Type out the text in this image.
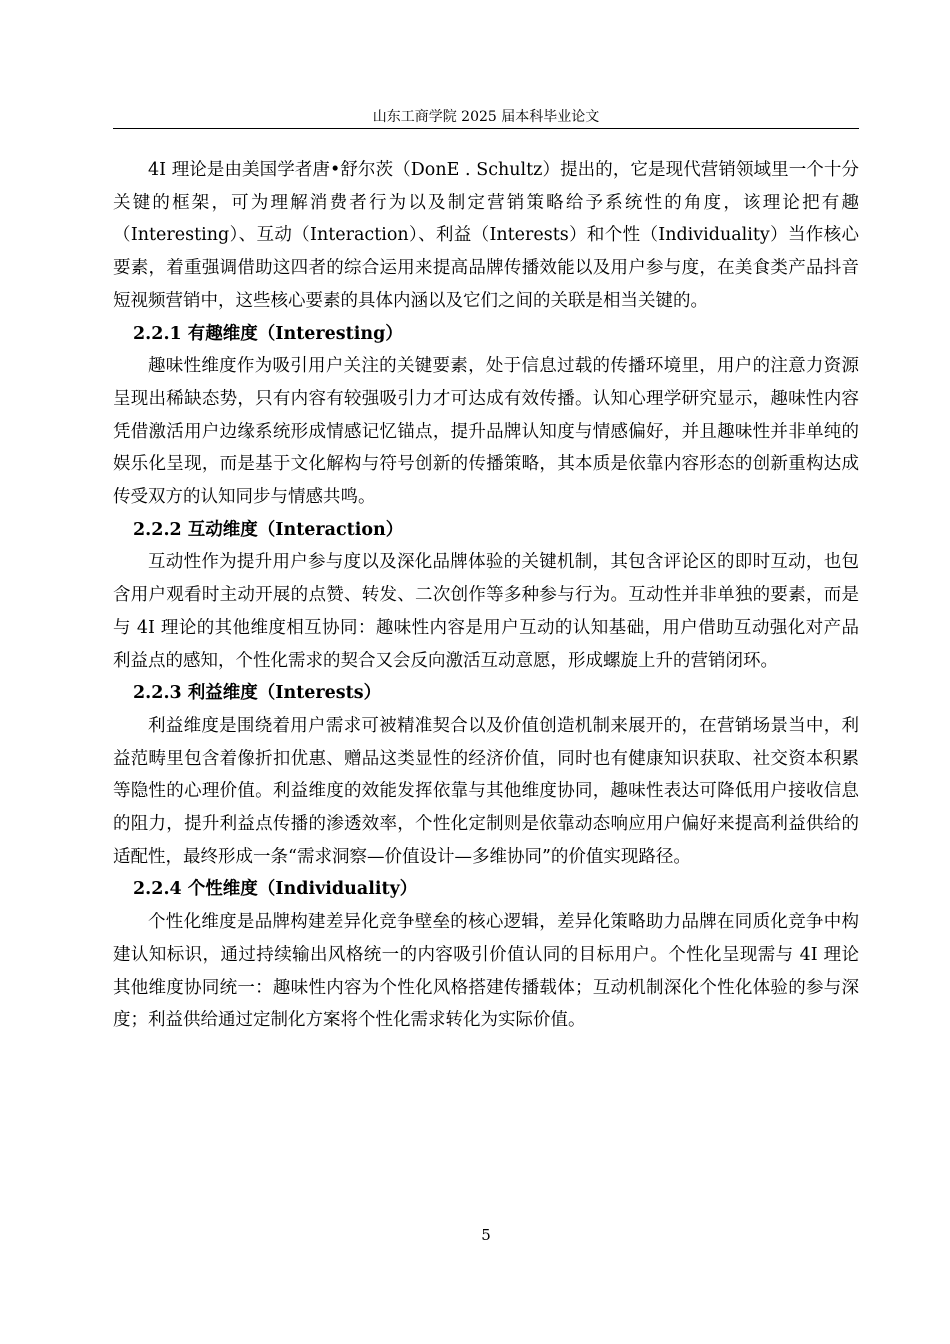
山东工商学院 2025 届本科毕业论文

4I 理论是由美国学者唐•舒尔茨（DonE . Schultz）提出的，它是现代营销领域里一个十分关键的框架，可为理解消费者行为以及制定营销策略给予系统性的角度，该理论把有趣（Interesting）、互动（Interaction）、利益（Interests）和个性（Individuality）当作核心要素，着重强调借助这四者的综合运用来提高品牌传播效能以及用户参与度，在美食类产品抖音短视频营销中，这些核心要素的具体内涵以及它们之间的关联是相当关键的。

2.2.1 有趣维度（Interesting）

趣味性维度作为吸引用户关注的关键要素，处于信息过载的传播环境里，用户的注意力资源呈现出稀缺态势，只有内容有较强吸引力才可达成有效传播。认知心理学研究显示，趣味性内容凭借激活用户边缘系统形成情感记忆锚点，提升品牌认知度与情感偏好，并且趣味性并非单纯的娱乐化呈现，而是基于文化解构与符号创新的传播策略，其本质是依靠内容形态的创新重构达成传受双方的认知同步与情感共鸣。

2.2.2 互动维度（Interaction）

互动性作为提升用户参与度以及深化品牌体验的关键机制，其包含评论区的即时互动，也包含用户观看时主动开展的点赞、转发、二次创作等多种参与行为。互动性并非单独的要素，而是与 4I 理论的其他维度相互协同：趣味性内容是用户互动的认知基础，用户借助互动强化对产品利益点的感知，个性化需求的契合又会反向激活互动意愿，形成螺旋上升的营销闭环。

2.2.3 利益维度（Interests）

利益维度是围绕着用户需求可被精准契合以及价值创造机制来展开的，在营销场景当中，利益范畴里包含着像折扣优惠、赠品这类显性的经济价值，同时也有健康知识获取、社交资本积累等隐性的心理价值。利益维度的效能发挥依靠与其他维度协同，趣味性表达可降低用户接收信息的阻力，提升利益点传播的渗透效率，个性化定制则是依靠动态响应用户偏好来提高利益供给的适配性，最终形成一条“需求洞察—价值设计—多维协同”的价值实现路径。

2.2.4 个性维度（Individuality）

个性化维度是品牌构建差异化竞争壁垒的核心逻辑，差异化策略助力品牌在同质化竞争中构建认知标识，通过持续输出风格统一的内容吸引价值认同的目标用户。个性化呈现需与 4I 理论其他维度协同统一：趣味性内容为个性化风格搭建传播载体；互动机制深化个性化体验的参与深度；利益供给通过定制化方案将个性化需求转化为实际价值。

5
